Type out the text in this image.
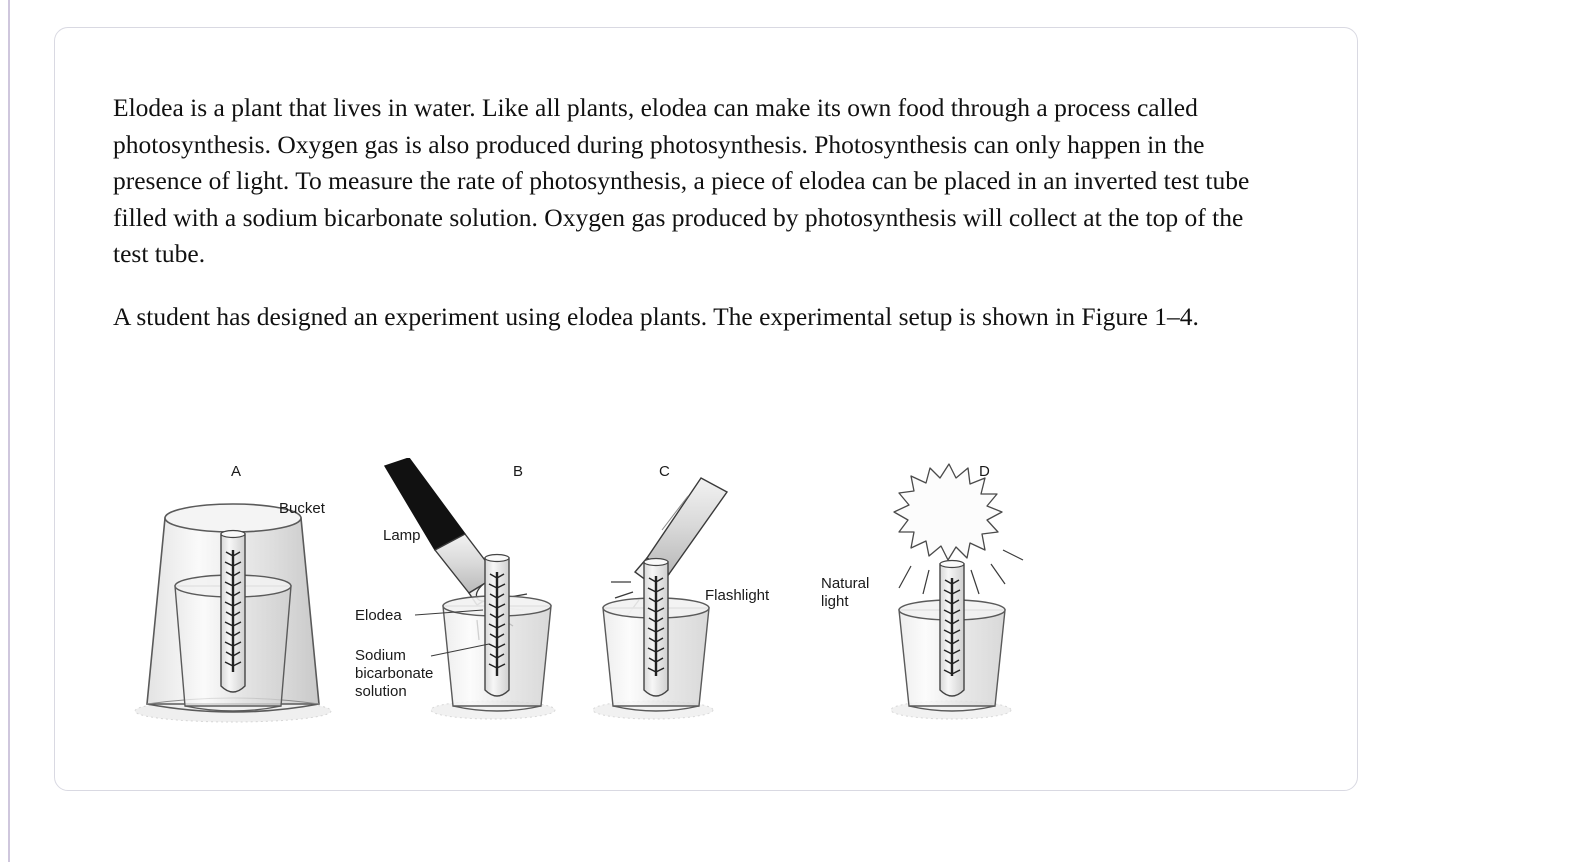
Elodea is a plant that lives in water. Like all plants, elodea can make its own food through a process called photosynthesis. Oxygen gas is also produced during photosynthesis. Photosynthesis can only happen in the presence of light. To measure the rate of photosynthesis, a piece of elodea can be placed in an inverted test tube filled with a sodium bicarbonate solution. Oxygen gas produced by photosynthesis will collect at the top of the test tube.

A student has designed an experiment using elodea plants. The experimental setup is shown in Figure 1–4.

A
Bucket
B
Lamp
Elodea
Sodium
bicarbonate
solution
C
Flashlight
D
Natural
light
